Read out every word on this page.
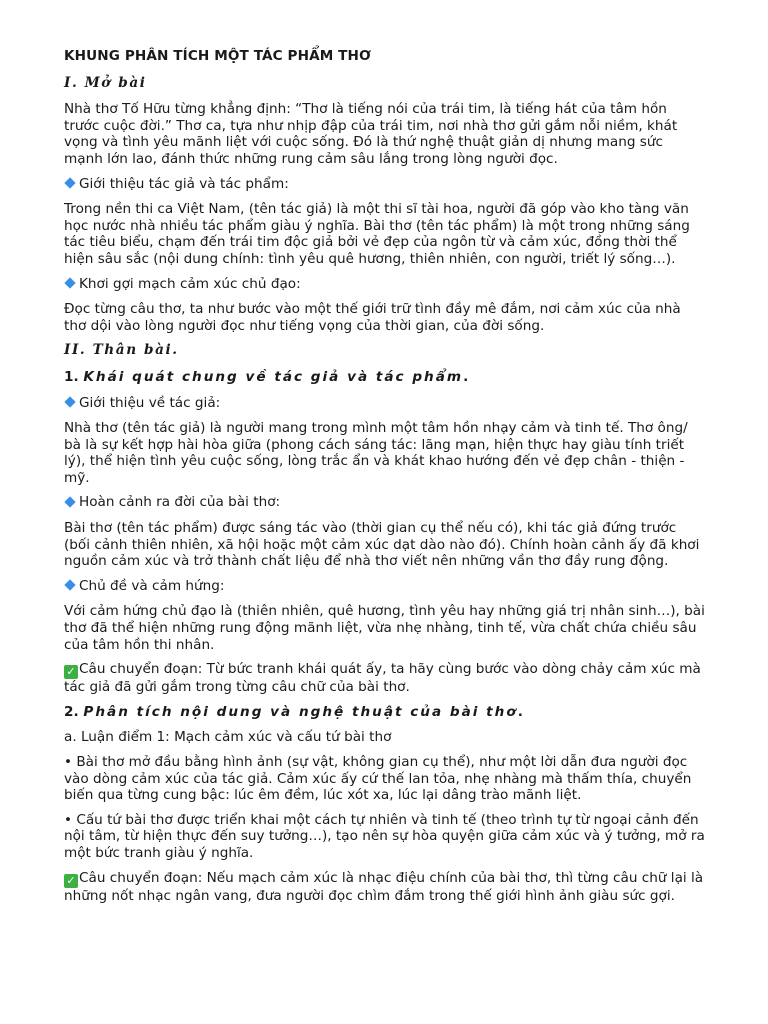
KHUNG PHÂN TÍCH MỘT TÁC PHẨM THƠ
I. Mở bài

Nhà thơ Tố Hữu từng khẳng định: “Thơ là tiếng nói của trái tim, là tiếng hát của tâm hồn trước cuộc đời.” Thơ ca, tựa như nhịp đập của trái tim, nơi nhà thơ gửi gắm nỗi niềm, khát vọng và tình yêu mãnh liệt với cuộc sống. Đó là thứ nghệ thuật giản dị nhưng mang sức mạnh lớn lao, đánh thức những rung cảm sâu lắng trong lòng người đọc.

Giới thiệu tác giả và tác phẩm:

Trong nền thi ca Việt Nam, (tên tác giả) là một thi sĩ tài hoa, người đã góp vào kho tàng văn học nước nhà nhiều tác phẩm giàu ý nghĩa. Bài thơ (tên tác phẩm) là một trong những sáng tác tiêu biểu, chạm đến trái tim độc giả bởi vẻ đẹp của ngôn từ và cảm xúc, đồng thời thể hiện sâu sắc (nội dung chính: tình yêu quê hương, thiên nhiên, con người, triết lý sống…).

Khơi gợi mạch cảm xúc chủ đạo:

Đọc từng câu thơ, ta như bước vào một thế giới trữ tình đầy mê đắm, nơi cảm xúc của nhà thơ dội vào lòng người đọc như tiếng vọng của thời gian, của đời sống.

II. Thân bài.

1. Khái quát chung về tác giả và tác phẩm.

Giới thiệu về tác giả:

Nhà thơ (tên tác giả) là người mang trong mình một tâm hồn nhạy cảm và tinh tế. Thơ ông/ bà là sự kết hợp hài hòa giữa (phong cách sáng tác: lãng mạn, hiện thực hay giàu tính triết lý), thể hiện tình yêu cuộc sống, lòng trắc ẩn và khát khao hướng đến vẻ đẹp chân - thiện - mỹ.

Hoàn cảnh ra đời của bài thơ:

Bài thơ (tên tác phẩm) được sáng tác vào (thời gian cụ thể nếu có), khi tác giả đứng trước (bối cảnh thiên nhiên, xã hội hoặc một cảm xúc dạt dào nào đó). Chính hoàn cảnh ấy đã khơi nguồn cảm xúc và trở thành chất liệu để nhà thơ viết nên những vần thơ đầy rung động.

Chủ đề và cảm hứng:

Với cảm hứng chủ đạo là (thiên nhiên, quê hương, tình yêu hay những giá trị nhân sinh…), bài thơ đã thể hiện những rung động mãnh liệt, vừa nhẹ nhàng, tinh tế, vừa chất chứa chiều sâu của tâm hồn thi nhân.

✓ Câu chuyển đoạn: Từ bức tranh khái quát ấy, ta hãy cùng bước vào dòng chảy cảm xúc mà tác giả đã gửi gắm trong từng câu chữ của bài thơ.

2. Phân tích nội dung và nghệ thuật của bài thơ.

a. Luận điểm 1: Mạch cảm xúc và cấu tứ bài thơ

• Bài thơ mở đầu bằng hình ảnh (sự vật, không gian cụ thể), như một lời dẫn đưa người đọc vào dòng cảm xúc của tác giả. Cảm xúc ấy cứ thế lan tỏa, nhẹ nhàng mà thấm thía, chuyển biến qua từng cung bậc: lúc êm đềm, lúc xót xa, lúc lại dâng trào mãnh liệt.

• Cấu tứ bài thơ được triển khai một cách tự nhiên và tinh tế (theo trình tự từ ngoại cảnh đến nội tâm, từ hiện thực đến suy tưởng…), tạo nên sự hòa quyện giữa cảm xúc và ý tưởng, mở ra một bức tranh giàu ý nghĩa.

✓ Câu chuyển đoạn: Nếu mạch cảm xúc là nhạc điệu chính của bài thơ, thì từng câu chữ lại là những nốt nhạc ngân vang, đưa người đọc chìm đắm trong thế giới hình ảnh giàu sức gợi.
